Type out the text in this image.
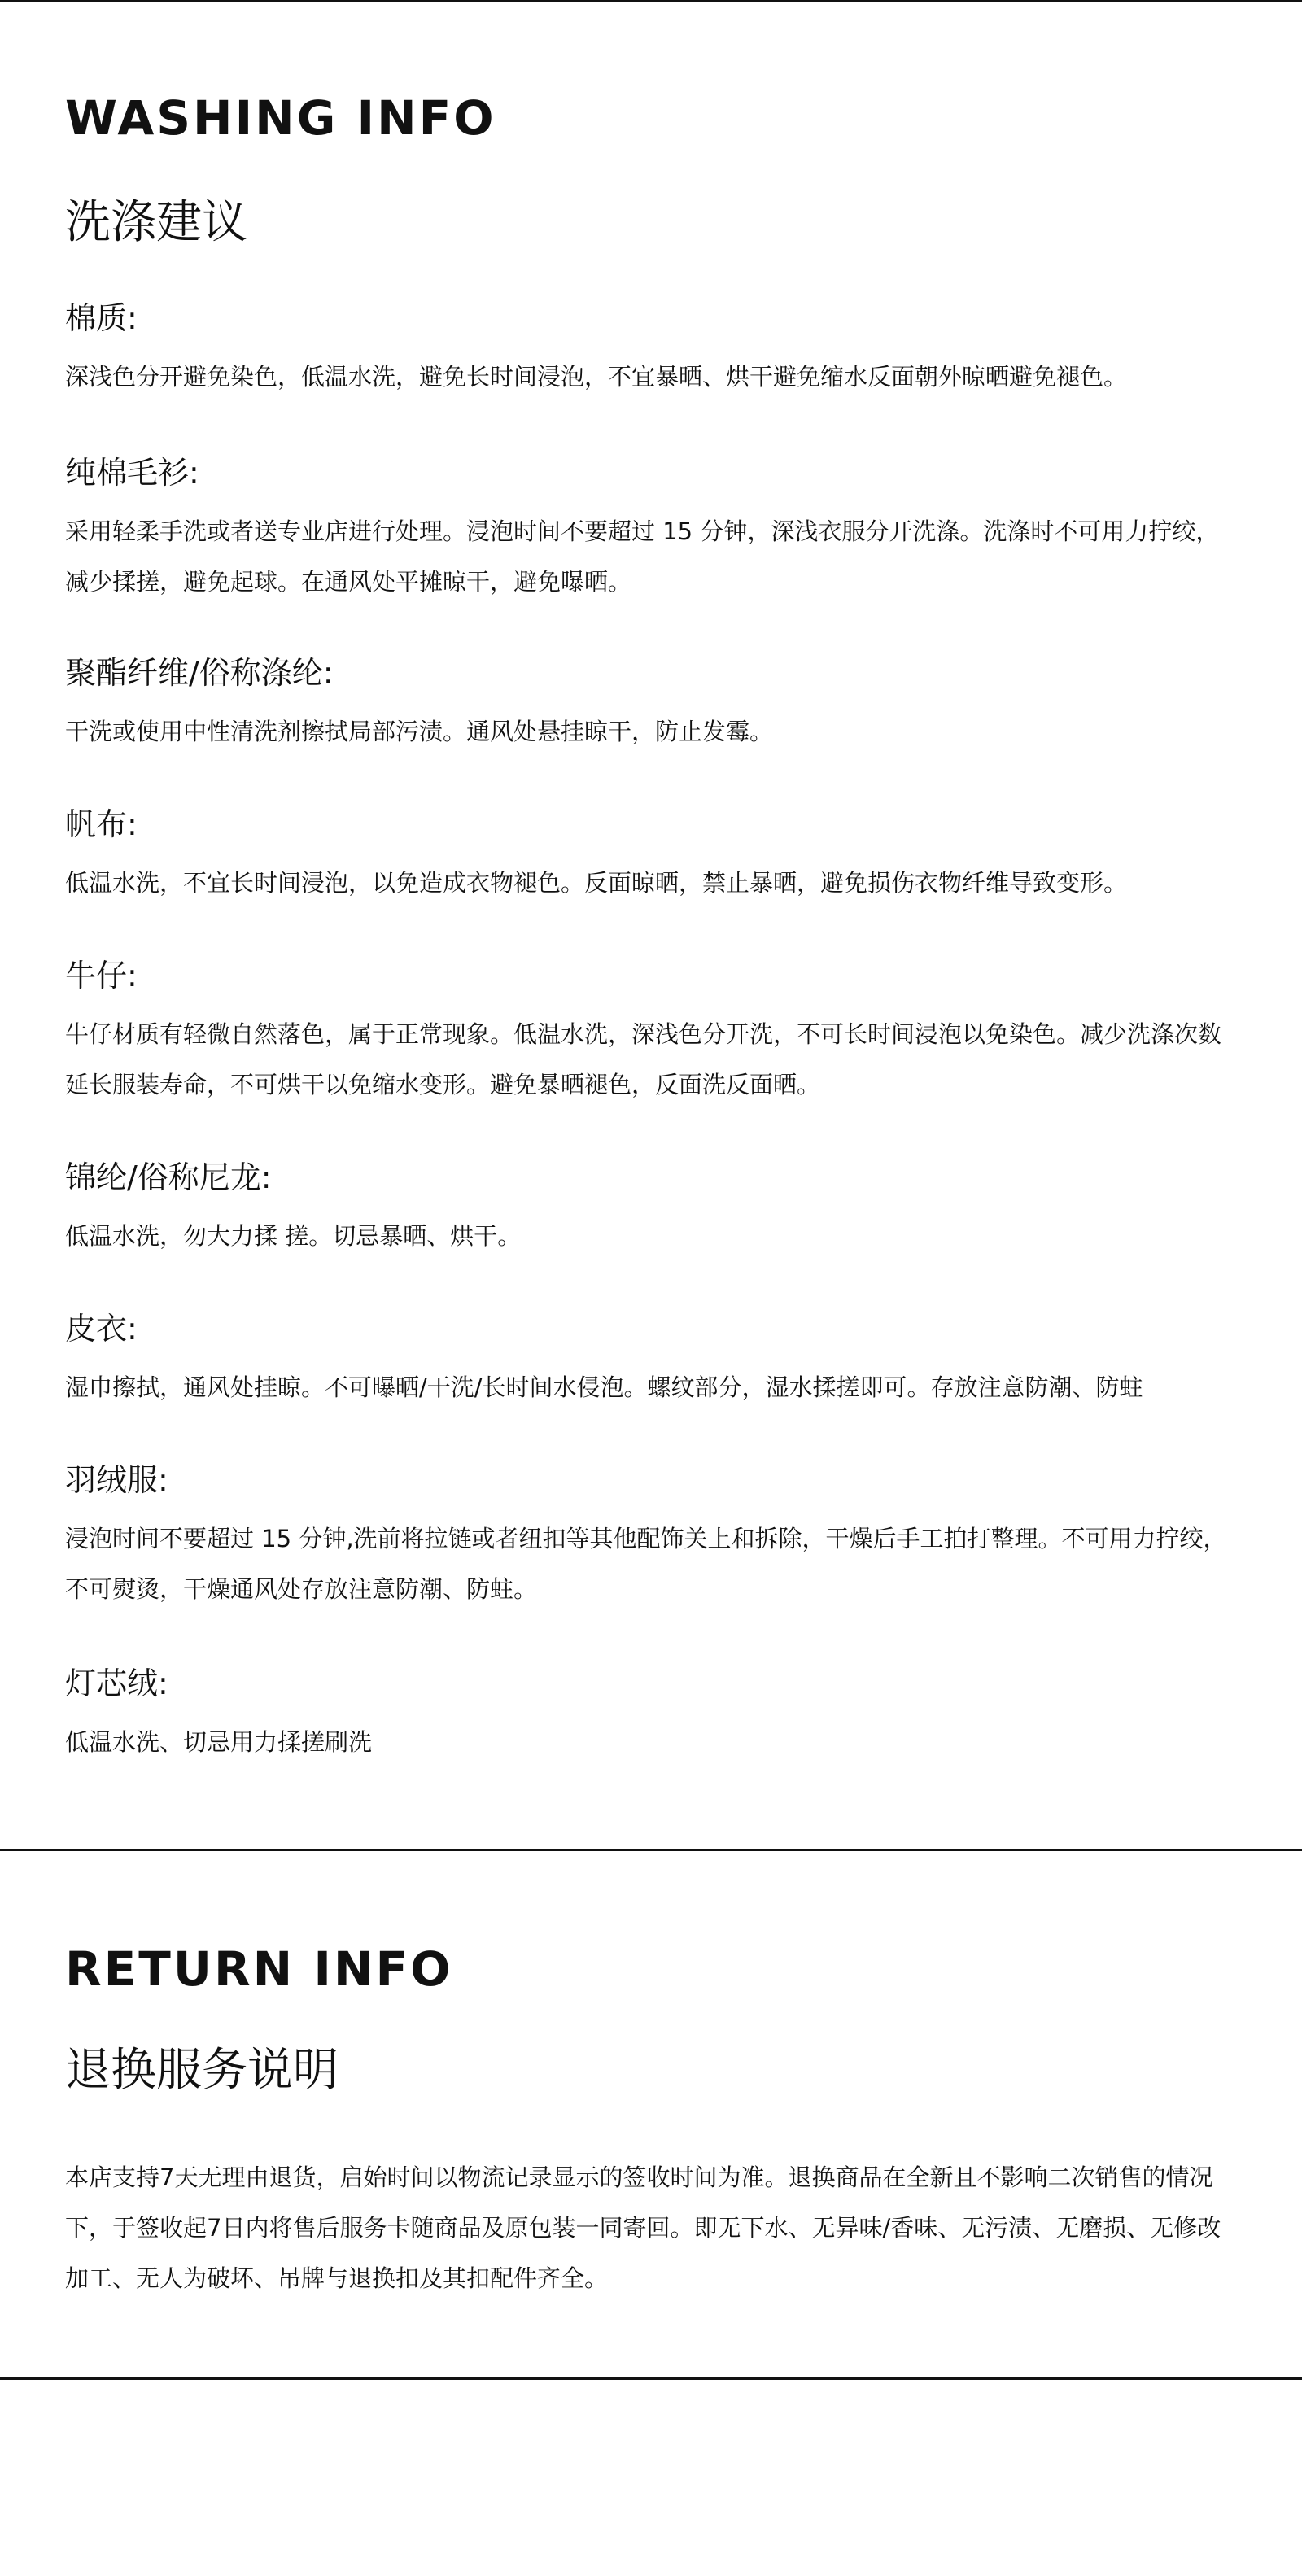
WASHING INFO
洗涤建议

棉质:

深浅色分开避免染色，低温水洗，避免长时间浸泡，不宜暴晒、烘干避免缩水反面朝外晾晒避免褪色。

纯棉毛衫:

采用轻柔手洗或者送专业店进行处理。浸泡时间不要超过 15 分钟，深浅衣服分开洗涤。洗涤时不可用力拧绞，减少揉搓，避免起球。在通风处平摊晾干，避免曝晒。

聚酯纤维/俗称涤纶:

干洗或使用中性清洗剂擦拭局部污渍。通风处悬挂晾干，防止发霉。

帆布:

低温水洗，不宜长时间浸泡，以免造成衣物褪色。反面晾晒，禁止暴晒，避免损伤衣物纤维导致变形。

牛仔:

牛仔材质有轻微自然落色，属于正常现象。低温水洗，深浅色分开洗，不可长时间浸泡以免染色。减少洗涤次数延长服装寿命，不可烘干以免缩水变形。避免暴晒褪色，反面洗反面晒。

锦纶/俗称尼龙:

低温水洗，勿大力揉 搓。切忌暴晒、烘干。

皮衣:

湿巾擦拭，通风处挂晾。不可曝晒/干洗/长时间水侵泡。螺纹部分，湿水揉搓即可。存放注意防潮、防蛀

羽绒服:

浸泡时间不要超过 15 分钟,洗前将拉链或者纽扣等其他配饰关上和拆除，干燥后手工拍打整理。不可用力拧绞，不可熨烫，干燥通风处存放注意防潮、防蛀。

灯芯绒:

低温水洗、切忌用力揉搓刷洗

RETURN INFO
退换服务说明

本店支持7天无理由退货，启始时间以物流记录显示的签收时间为准。退换商品在全新且不影响二次销售的情况下，于签收起7日内将售后服务卡随商品及原包装一同寄回。即无下水、无异味/香味、无污渍、无磨损、无修改加工、无人为破坏、吊牌与退换扣及其扣配件齐全。
